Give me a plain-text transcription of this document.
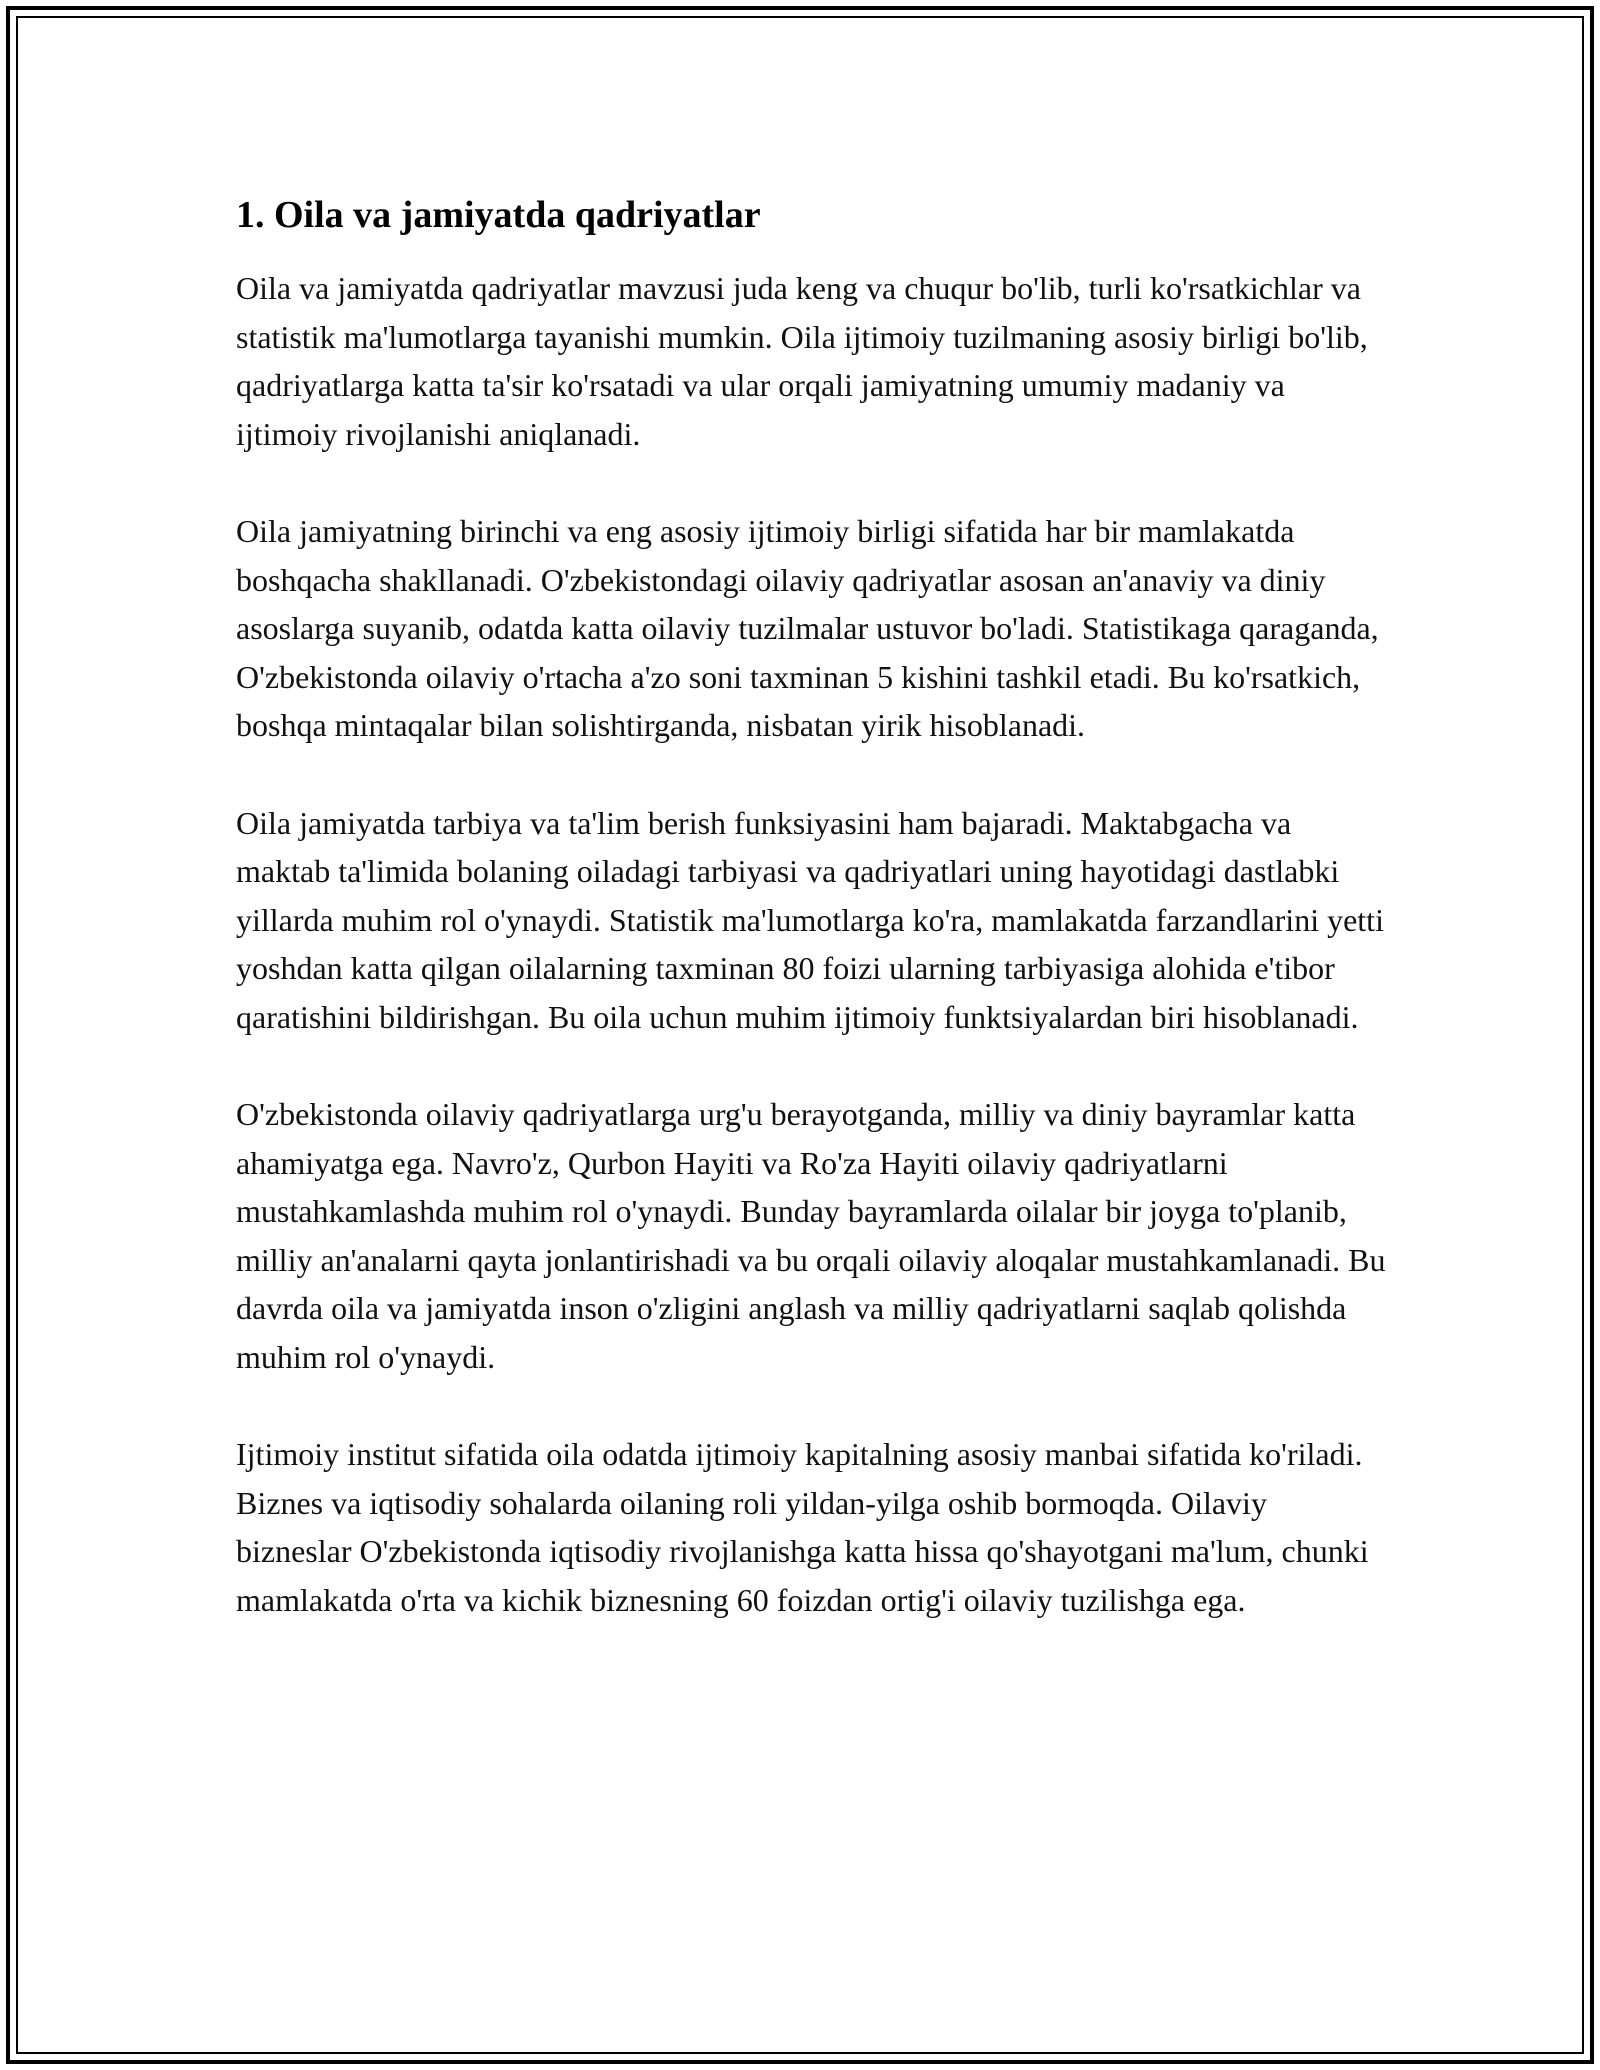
1. Oila va jamiyatda qadriyatlar

Oila va jamiyatda qadriyatlar mavzusi juda keng va chuqur bo'lib, turli ko'rsatkichlar va statistik ma'lumotlarga tayanishi mumkin. Oila ijtimoiy tuzilmaning asosiy birligi bo'lib, qadriyatlarga katta ta'sir ko'rsatadi va ular orqali jamiyatning umumiy madaniy va ijtimoiy rivojlanishi aniqlanadi.

Oila jamiyatning birinchi va eng asosiy ijtimoiy birligi sifatida har bir mamlakatda boshqacha shakllanadi. O'zbekistondagi oilaviy qadriyatlar asosan an'anaviy va diniy asoslarga suyanib, odatda katta oilaviy tuzilmalar ustuvor bo'ladi. Statistikaga qaraganda, O'zbekistonda oilaviy o'rtacha a'zo soni taxminan 5 kishini tashkil etadi. Bu ko'rsatkich, boshqa mintaqalar bilan solishtirganda, nisbatan yirik hisoblanadi.

Oila jamiyatda tarbiya va ta'lim berish funksiyasini ham bajaradi. Maktabgacha va maktab ta'limida bolaning oiladagi tarbiyasi va qadriyatlari uning hayotidagi dastlabki yillarda muhim rol o'ynaydi. Statistik ma'lumotlarga ko'ra, mamlakatda farzandlarini yetti yoshdan katta qilgan oilalarning taxminan 80 foizi ularning tarbiyasiga alohida e'tibor qaratishini bildirishgan. Bu oila uchun muhim ijtimoiy funktsiyalardan biri hisoblanadi.

O'zbekistonda oilaviy qadriyatlarga urg'u berayotganda, milliy va diniy bayramlar katta ahamiyatga ega. Navro'z, Qurbon Hayiti va Ro'za Hayiti oilaviy qadriyatlarni mustahkamlashda muhim rol o'ynaydi. Bunday bayramlarda oilalar bir joyga to'planib, milliy an'analarni qayta jonlantirishadi va bu orqali oilaviy aloqalar mustahkamlanadi. Bu davrda oila va jamiyatda inson o'zligini anglash va milliy qadriyatlarni saqlab qolishda muhim rol o'ynaydi.

Ijtimoiy institut sifatida oila odatda ijtimoiy kapitalning asosiy manbai sifatida ko'riladi. Biznes va iqtisodiy sohalarda oilaning roli yildan-yilga oshib bormoqda. Oilaviy bizneslar O'zbekistonda iqtisodiy rivojlanishga katta hissa qo'shayotgani ma'lum, chunki mamlakatda o'rta va kichik biznesning 60 foizdan ortig'i oilaviy tuzilishga ega.
